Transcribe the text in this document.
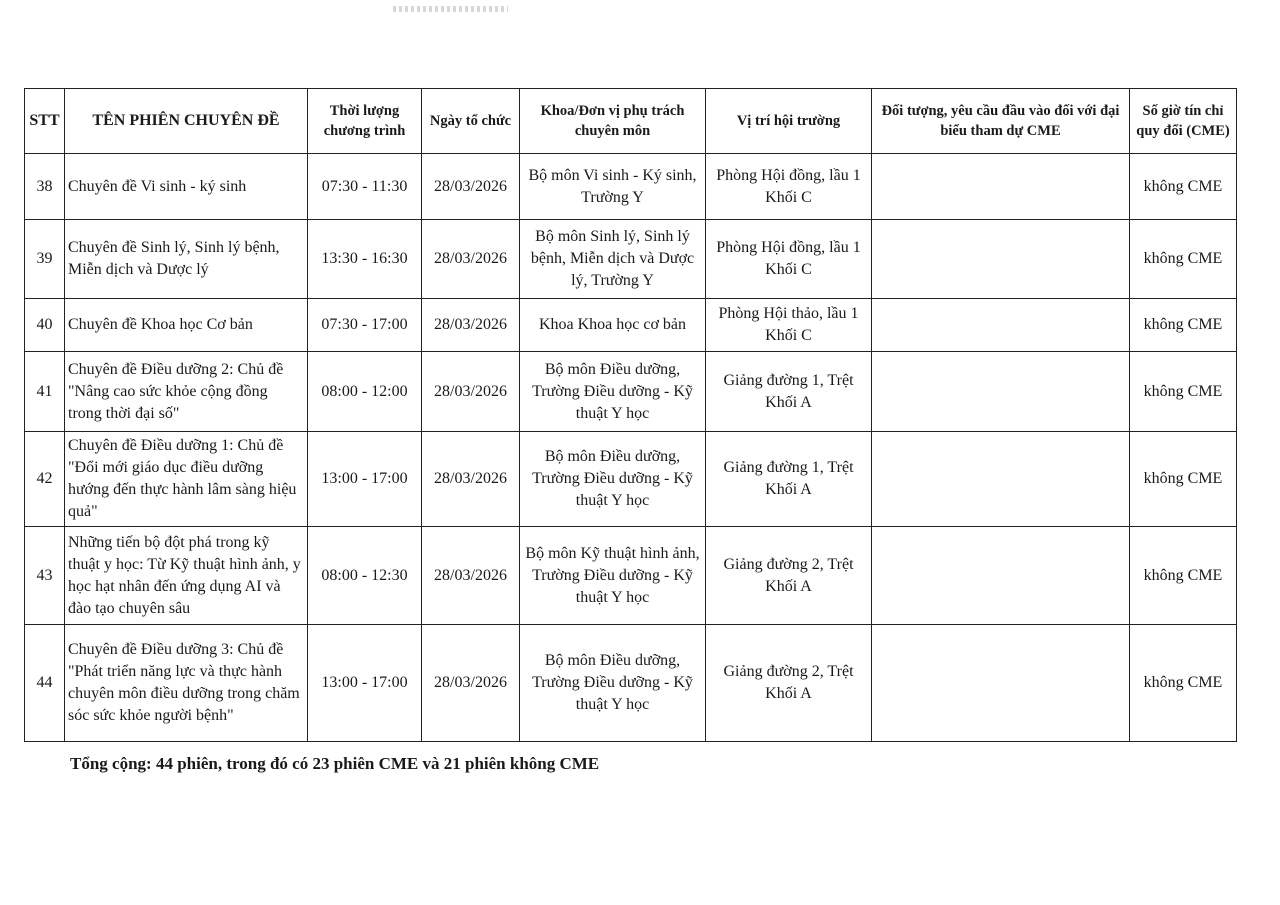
STT	TÊN PHIÊN CHUYÊN ĐỀ	Thời lượng chương trình	Ngày tổ chức	Khoa/Đơn vị phụ trách chuyên môn	Vị trí hội trường	Đối tượng, yêu cầu đầu vào đối với đại biểu tham dự CME	Số giờ tín chỉ quy đổi (CME)
38	Chuyên đề Vi sinh - ký sinh	07:30 - 11:30	28/03/2026	Bộ môn Vi sinh - Ký sinh, Trường Y	Phòng Hội đồng, lầu 1 Khối C		không CME
39	Chuyên đề Sinh lý, Sinh lý bệnh, Miễn dịch và Dược lý	13:30 - 16:30	28/03/2026	Bộ môn Sinh lý, Sinh lý bệnh, Miễn dịch và Dược lý, Trường Y	Phòng Hội đồng, lầu 1 Khối C		không CME
40	Chuyên đề Khoa học Cơ bản	07:30 - 17:00	28/03/2026	Khoa Khoa học cơ bản	Phòng Hội thảo, lầu 1 Khối C		không CME
41	Chuyên đề Điều dưỡng 2: Chủ đề "Nâng cao sức khỏe cộng đồng trong thời đại số"	08:00 - 12:00	28/03/2026	Bộ môn Điều dưỡng, Trường Điều dưỡng - Kỹ thuật Y học	Giảng đường 1, Trệt Khối A		không CME
42	Chuyên đề Điều dưỡng 1: Chủ đề "Đổi mới giáo dục điều dưỡng hướng đến thực hành lâm sàng hiệu quả"	13:00 - 17:00	28/03/2026	Bộ môn Điều dưỡng, Trường Điều dưỡng - Kỹ thuật Y học	Giảng đường 1, Trệt Khối A		không CME
43	Những tiến bộ đột phá trong kỹ thuật y học: Từ Kỹ thuật hình ảnh, y học hạt nhân đến ứng dụng AI và đào tạo chuyên sâu	08:00 - 12:30	28/03/2026	Bộ môn Kỹ thuật hình ảnh, Trường Điều dưỡng - Kỹ thuật Y học	Giảng đường 2, Trệt Khối A		không CME
44	Chuyên đề Điều dưỡng 3: Chủ đề "Phát triển năng lực và thực hành chuyên môn điều dưỡng trong chăm sóc sức khỏe người bệnh"	13:00 - 17:00	28/03/2026	Bộ môn Điều dưỡng, Trường Điều dưỡng - Kỹ thuật Y học	Giảng đường 2, Trệt Khối A		không CME
Tổng cộng: 44 phiên, trong đó có 23 phiên CME và 21 phiên không CME
